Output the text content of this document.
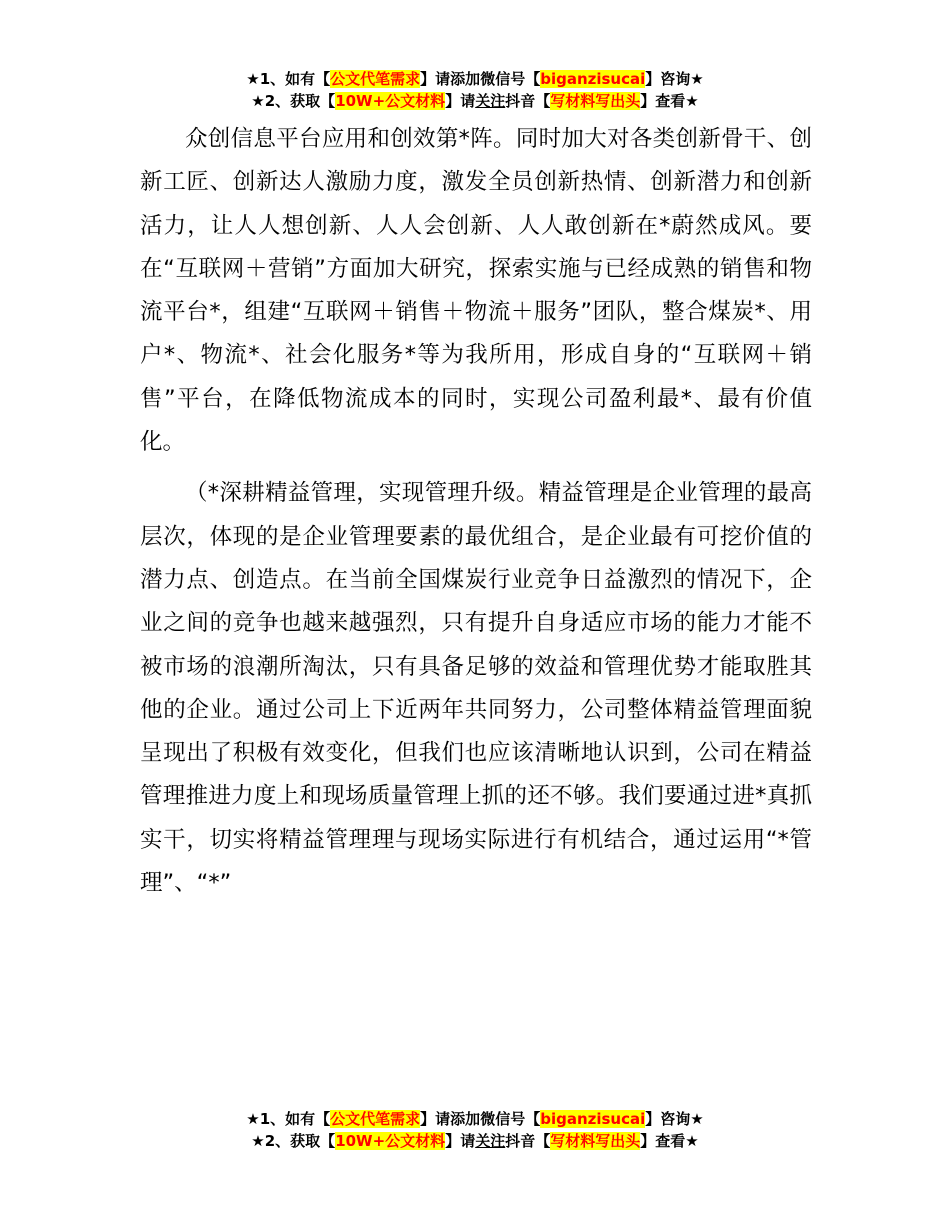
★1、如有【公文代笔需求】请添加微信号【biganzisucai】咨询★
★2、获取【10W+公文材料】请关注抖音【写材料写出头】查看★

众创信息平台应用和创效第*阵。同时加大对各类创新骨干、创新工匠、创新达人激励力度，激发全员创新热情、创新潜力和创新活力，让人人想创新、人人会创新、人人敢创新在*蔚然成风。要在“互联网＋营销”方面加大研究，探索实施与已经成熟的销售和物流平台*，组建“互联网＋销售＋物流＋服务”团队，整合煤炭*、用户*、物流*、社会化服务*等为我所用，形成自身的“互联网＋销售”平台，在降低物流成本的同时，实现公司盈利最*、最有价值化。

（*深耕精益管理，实现管理升级。精益管理是企业管理的最高层次，体现的是企业管理要素的最优组合，是企业最有可挖价值的潜力点、创造点。在当前全国煤炭行业竞争日益激烈的情况下，企业之间的竞争也越来越强烈，只有提升自身适应市场的能力才能不被市场的浪潮所淘汰，只有具备足够的效益和管理优势才能取胜其他的企业。通过公司上下近两年共同努力，公司整体精益管理面貌呈现出了积极有效变化，但我们也应该清晰地认识到，公司在精益管理推进力度上和现场质量管理上抓的还不够。我们要通过进*真抓实干，切实将精益管理理与现场实际进行有机结合，通过运用“*管理”、“*”

★1、如有【公文代笔需求】请添加微信号【biganzisucai】咨询★
★2、获取【10W+公文材料】请关注抖音【写材料写出头】查看★
